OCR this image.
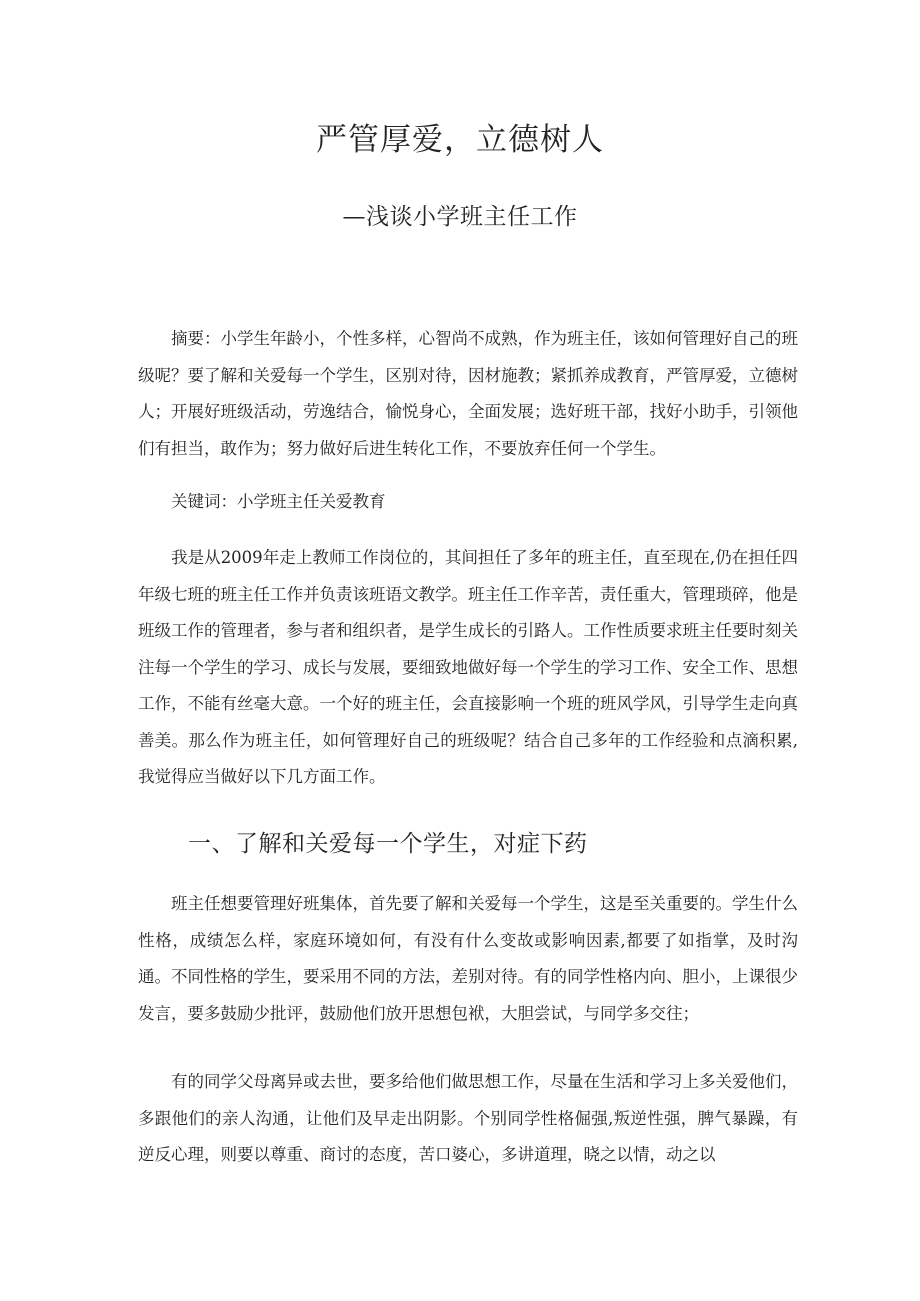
严管厚爱，立德树人
—浅谈小学班主任工作

摘要：小学生年龄小，个性多样，心智尚不成熟，作为班主任，该如何管理好自己的班级呢？要了解和关爱每一个学生，区别对待，因材施教；紧抓养成教育，严管厚爱，立德树人；开展好班级活动，劳逸结合，愉悦身心，全面发展；选好班干部，找好小助手，引领他们有担当，敢作为；努力做好后进生转化工作，不要放弃任何一个学生。

关键词：小学班主任关爱教育

我是从2009年走上教师工作岗位的，其间担任了多年的班主任，直至现在,仍在担任四年级七班的班主任工作并负责该班语文教学。班主任工作辛苦，责任重大，管理琐碎，他是班级工作的管理者，参与者和组织者，是学生成长的引路人。工作性质要求班主任要时刻关注每一个学生的学习、成长与发展，要细致地做好每一个学生的学习工作、安全工作、思想工作，不能有丝毫大意。一个好的班主任，会直接影响一个班的班风学风，引导学生走向真善美。那么作为班主任，如何管理好自己的班级呢？结合自己多年的工作经验和点滴积累,我觉得应当做好以下几方面工作。

一、了解和关爱每一个学生，对症下药

班主任想要管理好班集体，首先要了解和关爱每一个学生，这是至关重要的。学生什么性格，成绩怎么样，家庭环境如何，有没有什么变故或影响因素,都要了如指掌，及时沟通。不同性格的学生，要采用不同的方法，差别对待。有的同学性格内向、胆小，上课很少发言，要多鼓励少批评，鼓励他们放开思想包袱，大胆尝试，与同学多交往；

有的同学父母离异或去世，要多给他们做思想工作，尽量在生活和学习上多关爱他们，多跟他们的亲人沟通，让他们及早走出阴影。个别同学性格倔强,叛逆性强，脾气暴躁，有逆反心理，则要以尊重、商讨的态度，苦口婆心，多讲道理，晓之以情，动之以
